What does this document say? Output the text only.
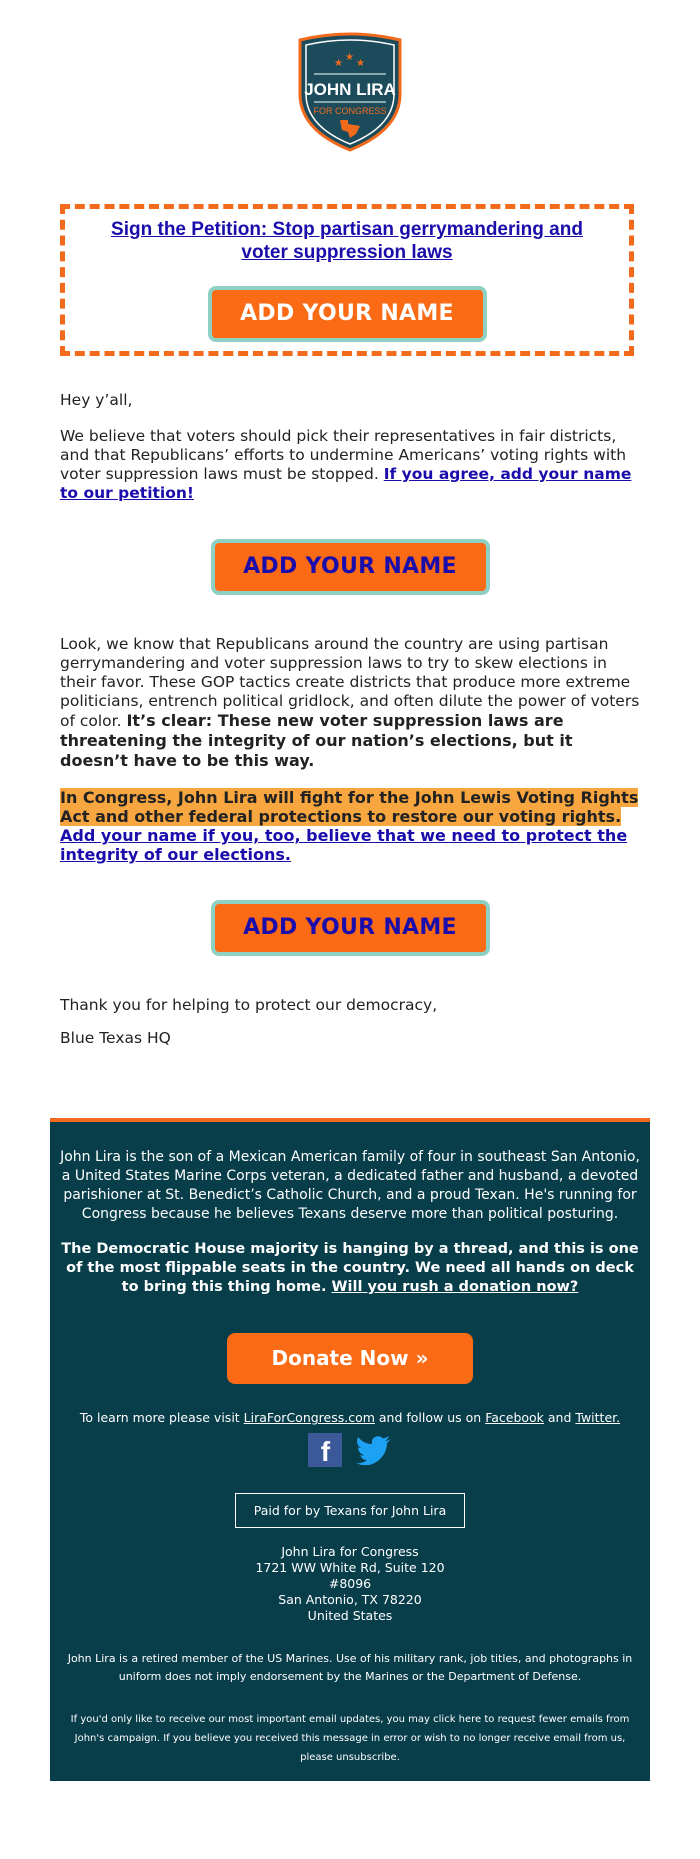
★
★
★
JOHN LIRA
FOR CONGRESS
Sign the Petition: Stop partisan gerrymandering and voter suppression laws
ADD YOUR NAME

Hey y’all,

We believe that voters should pick their representatives in fair districts, and that Republicans’ efforts to undermine Americans’ voting rights with voter suppression laws must be stopped. If you agree, add your name to our petition!

ADD YOUR NAME

Look, we know that Republicans around the country are using partisan gerrymandering and voter suppression laws to try to skew elections in their favor. These GOP tactics create districts that produce more extreme politicians, entrench political gridlock, and often dilute the power of voters of color. It’s clear: These new voter suppression laws are threatening the integrity of our nation’s elections, but it doesn’t have to be this way.

In Congress, John Lira will fight for the John Lewis Voting Rights Act and other federal protections to restore our voting rights. Add your name if you, too, believe that we need to protect the integrity of our elections.

ADD YOUR NAME

Thank you for helping to protect our democracy,

Blue Texas HQ

John Lira is the son of a Mexican American family of four in southeast San Antonio, a United States Marine Corps veteran, a dedicated father and husband, a devoted parishioner at St. Benedict’s Catholic Church, and a proud Texan. He's running for Congress because he believes Texans deserve more than political posturing.

The Democratic House majority is hanging by a thread, and this is one of the most flippable seats in the country. We need all hands on deck to bring this thing home. Will you rush a donation now?

Donate Now »

To learn more please visit LiraForCongress.com and follow us on Facebook and Twitter.

f
Paid for by Texans for John Lira
John Lira for Congress
1721 WW White Rd, Suite 120
#8096
San Antonio, TX 78220
United States

John Lira is a retired member of the US Marines. Use of his military rank, job titles, and photographs in uniform does not imply endorsement by the Marines or the Department of Defense.

If you'd only like to receive our most important email updates, you may click here to request fewer emails from John's campaign. If you believe you received this message in error or wish to no longer receive email from us, please unsubscribe.
